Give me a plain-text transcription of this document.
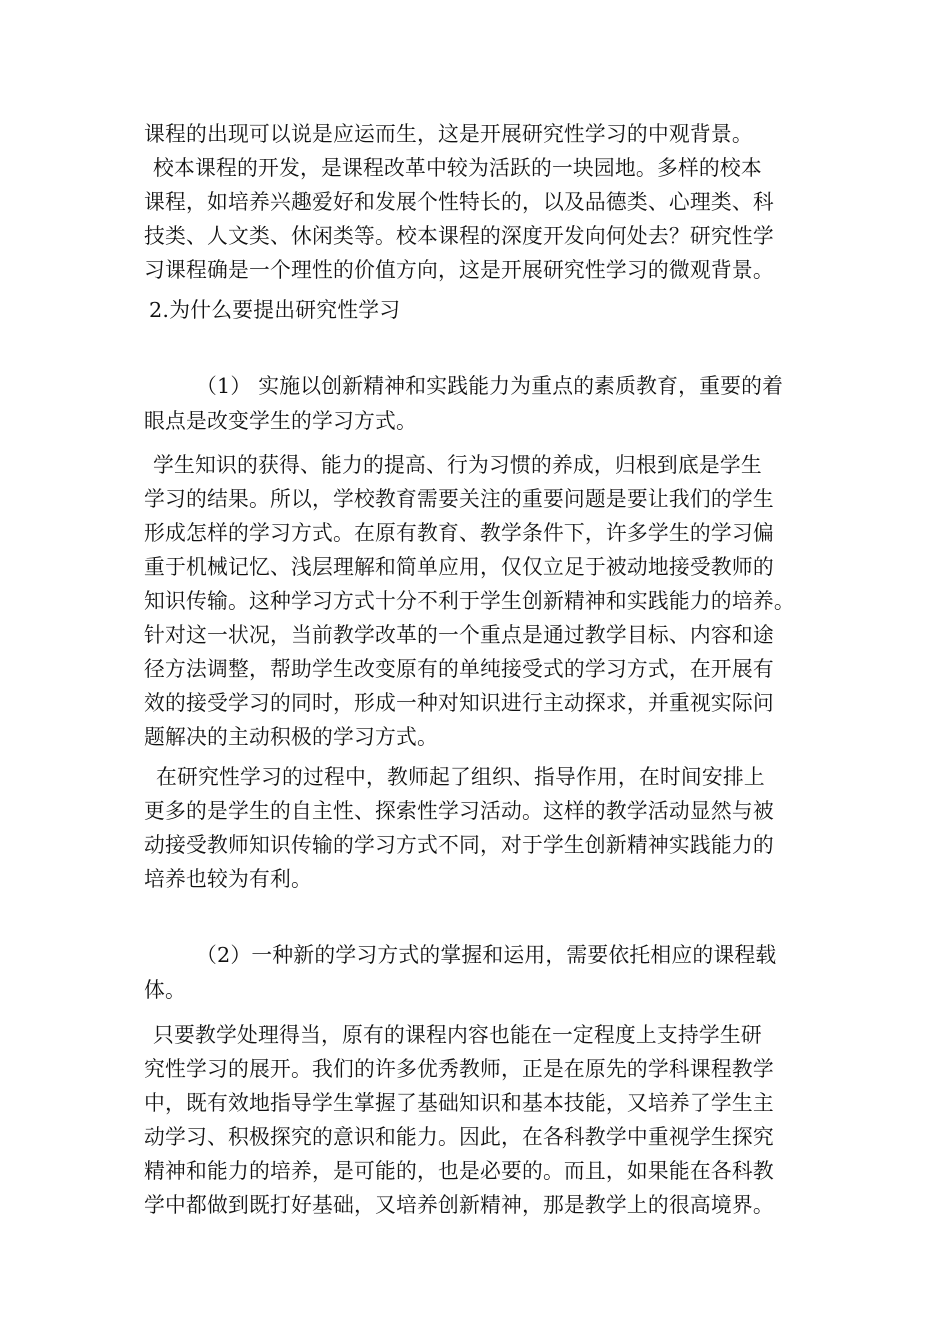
课程的出现可以说是应运而生，这是开展研究性学习的中观背景。
校本课程的开发，是课程改革中较为活跃的一块园地。多样的校本
课程，如培养兴趣爱好和发展个性特长的，以及品德类、心理类、科
技类、人文类、休闲类等。校本课程的深度开发向何处去？研究性学
习课程确是一个理性的价值方向，这是开展研究性学习的微观背景。
2.为什么要提出研究性学习
（1） 实施以创新精神和实践能力为重点的素质教育，重要的着
眼点是改变学生的学习方式。
学生知识的获得、能力的提高、行为习惯的养成，归根到底是学生
学习的结果。所以，学校教育需要关注的重要问题是要让我们的学生
形成怎样的学习方式。在原有教育、教学条件下，许多学生的学习偏
重于机械记忆、浅层理解和简单应用，仅仅立足于被动地接受教师的
知识传输。这种学习方式十分不利于学生创新精神和实践能力的培养。
针对这一状况，当前教学改革的一个重点是通过教学目标、内容和途
径方法调整，帮助学生改变原有的单纯接受式的学习方式，在开展有
效的接受学习的同时，形成一种对知识进行主动探求，并重视实际问
题解决的主动积极的学习方式。
在研究性学习的过程中，教师起了组织、指导作用，在时间安排上
更多的是学生的自主性、探索性学习活动。这样的教学活动显然与被
动接受教师知识传输的学习方式不同，对于学生创新精神实践能力的
培养也较为有利。
（2）一种新的学习方式的掌握和运用，需要依托相应的课程载
体。
只要教学处理得当，原有的课程内容也能在一定程度上支持学生研
究性学习的展开。我们的许多优秀教师，正是在原先的学科课程教学
中，既有效地指导学生掌握了基础知识和基本技能，又培养了学生主
动学习、积极探究的意识和能力。因此，在各科教学中重视学生探究
精神和能力的培养，是可能的，也是必要的。而且，如果能在各科教
学中都做到既打好基础，又培养创新精神，那是教学上的很高境界。
